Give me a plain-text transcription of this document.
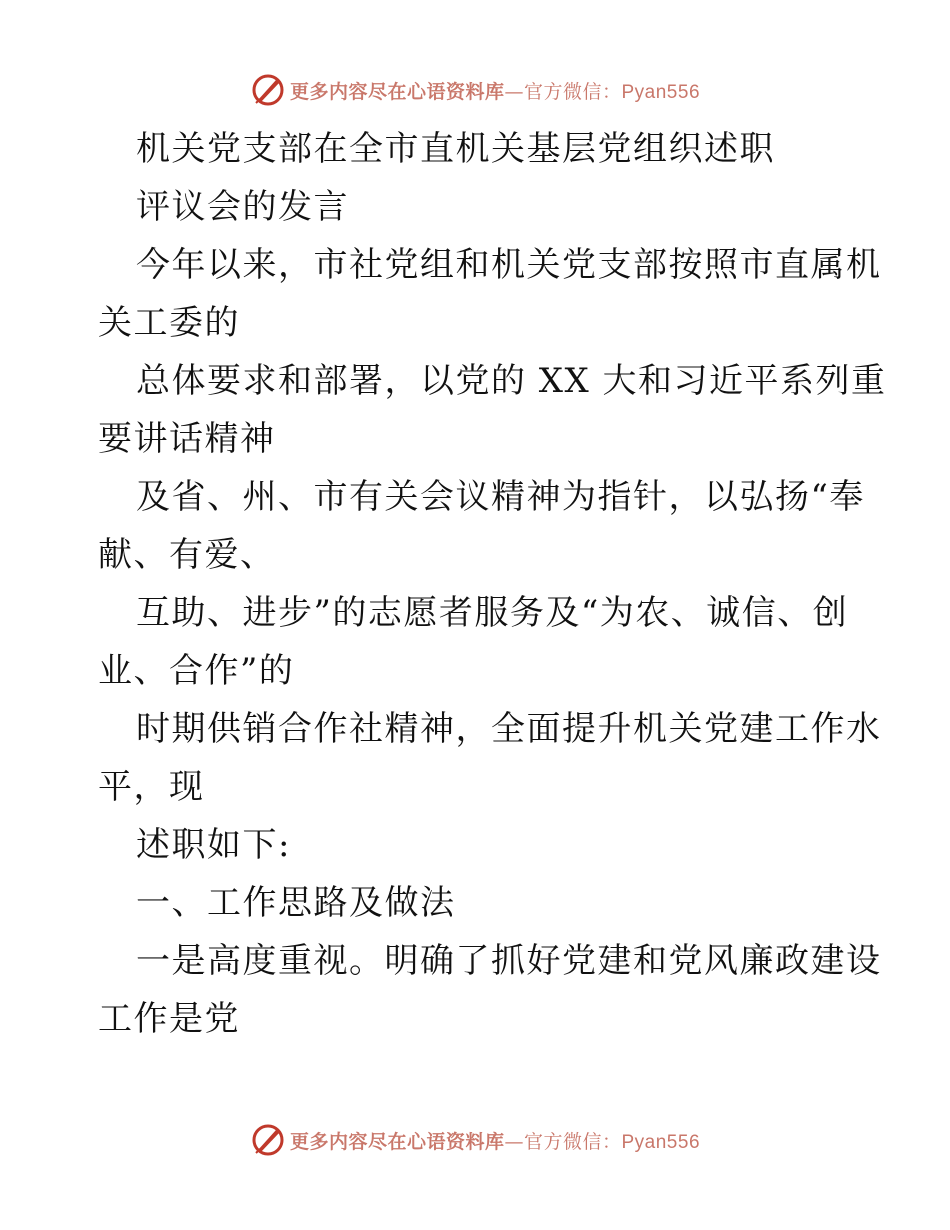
更多内容尽在心语资料库—官方微信：Pyan556
机关党支部在全市直机关基层党组织述职
评议会的发言
今年以来，市社党组和机关党支部按照市直属机
关工委的
总体要求和部署，以党的 XX 大和习近平系列重
要讲话精神
及省、州、市有关会议精神为指针，以弘扬“奉
献、有爱、
互助、进步”的志愿者服务及“为农、诚信、创
业、合作”的
时期供销合作社精神，全面提升机关党建工作水
平，现
述职如下:
一、工作思路及做法
一是高度重视。明确了抓好党建和党风廉政建设
工作是党
更多内容尽在心语资料库—官方微信：Pyan556
